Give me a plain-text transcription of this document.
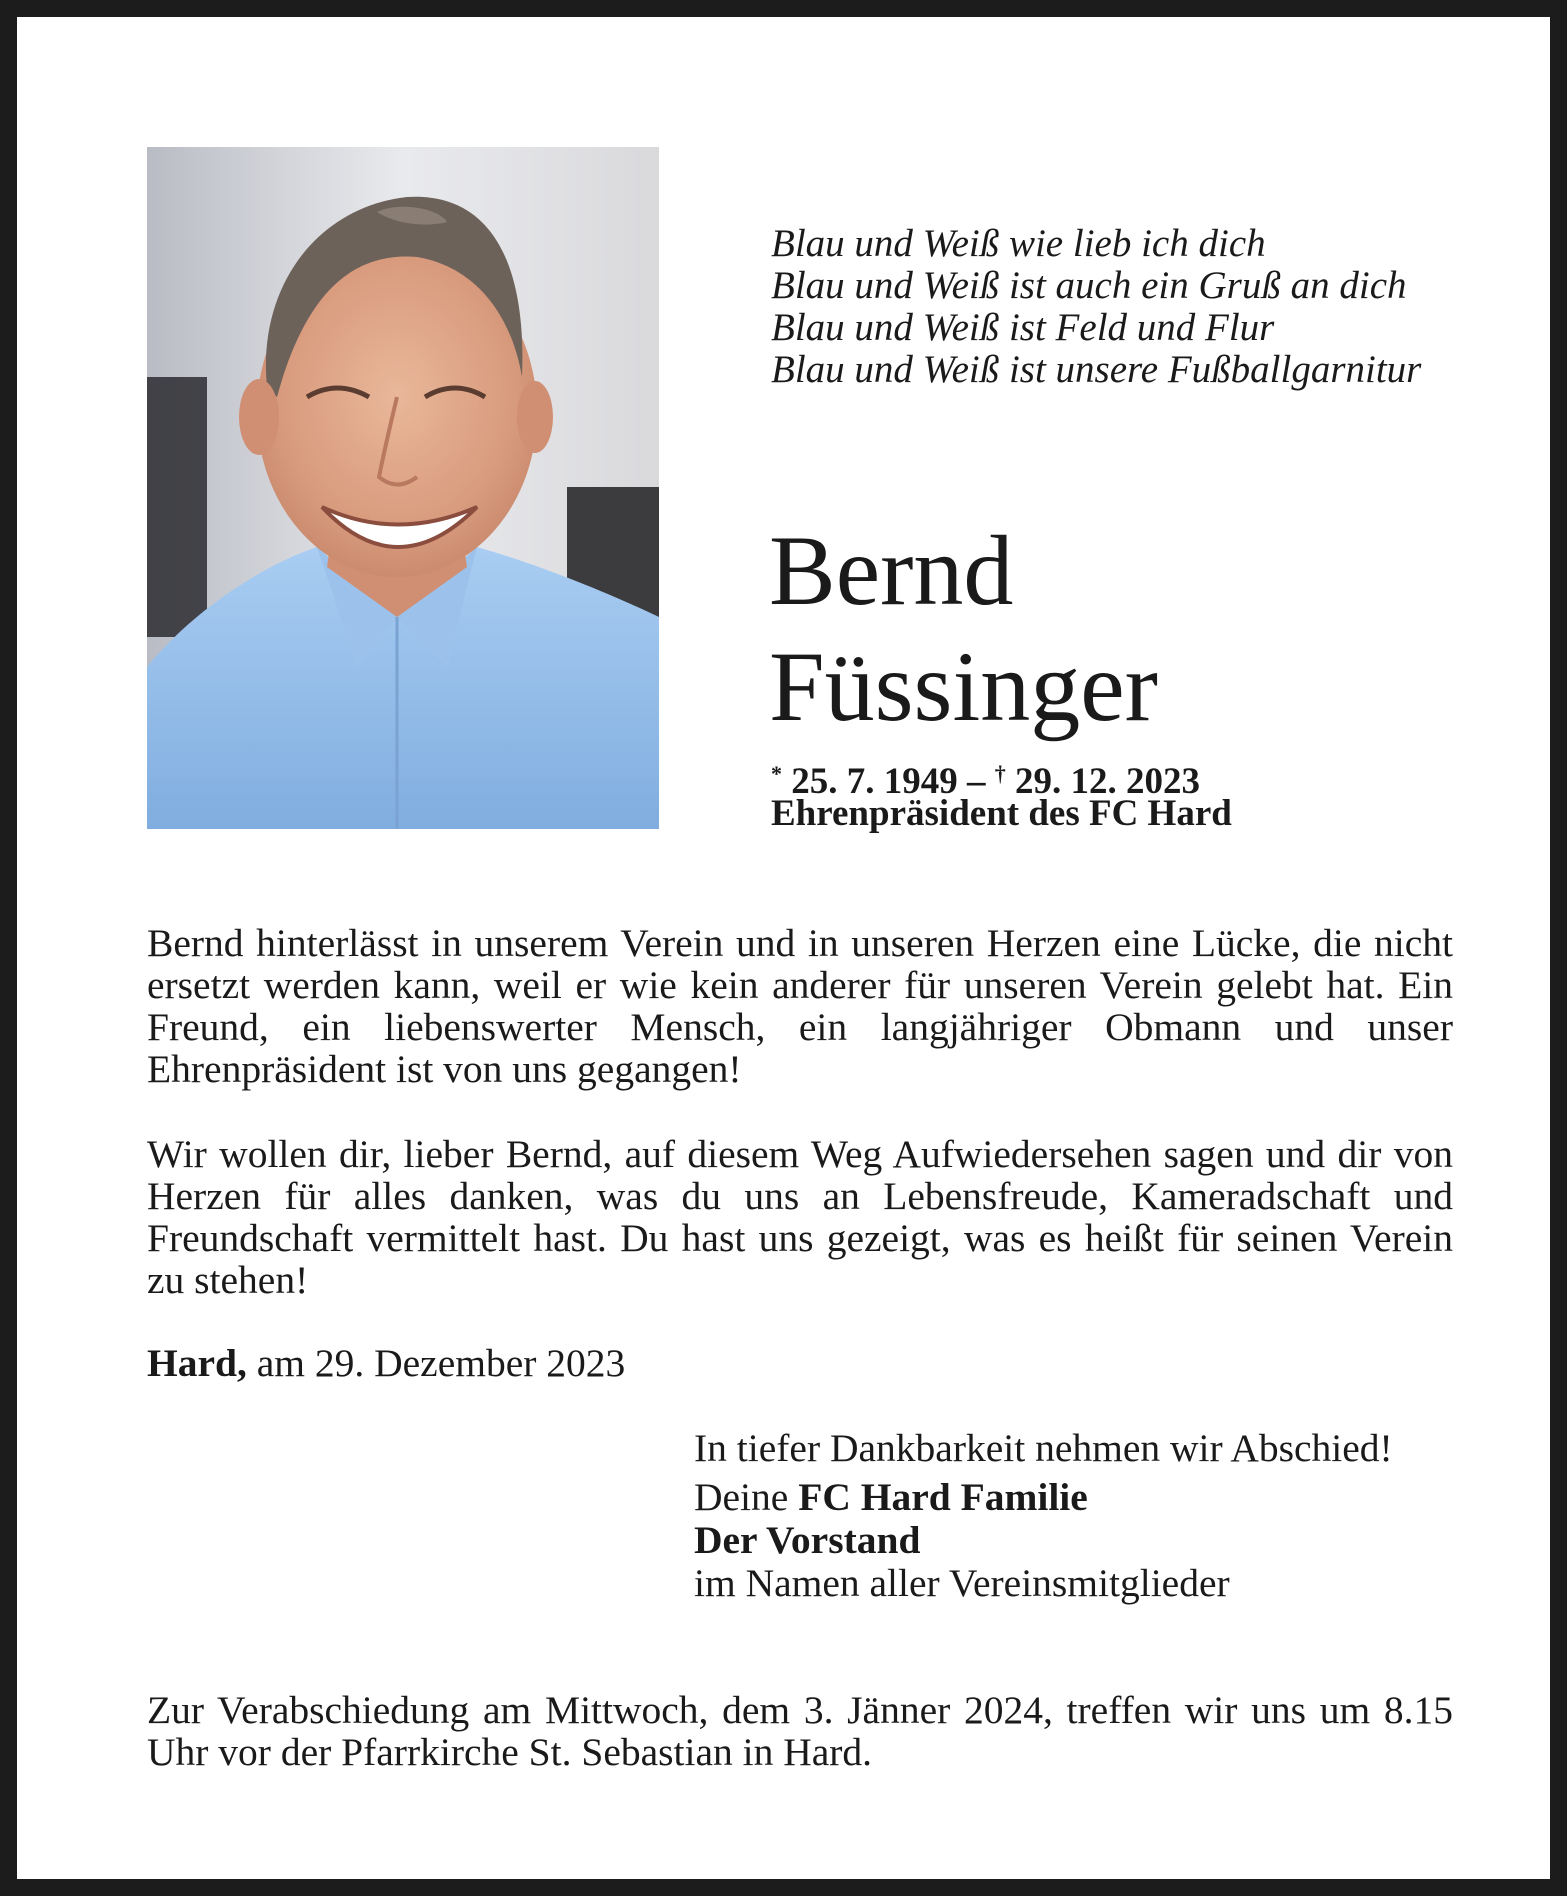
Blau und Weiß wie lieb ich dich
Blau und Weiß ist auch ein Gruß an dich
Blau und Weiß ist Feld und Flur
Blau und Weiß ist unsere Fußballgarnitur
Bernd
Füssinger
* 25. 7. 1949 – † 29. 12. 2023
Ehrenpräsident des FC Hard
Bernd hinterlässt in unserem Verein und in unseren Herzen eine Lücke, die nicht ersetzt werden kann, weil er wie kein anderer für unseren Verein gelebt hat. Ein Freund, ein liebenswerter Mensch, ein langjähriger Obmann und unser Ehrenpräsident ist von uns gegangen!
Wir wollen dir, lieber Bernd, auf diesem Weg Aufwiedersehen sagen und dir von Herzen für alles danken, was du uns an Lebensfreude, Kameradschaft und Freundschaft vermittelt hast. Du hast uns gezeigt, was es heißt für seinen Verein zu stehen!
Hard, am 29. Dezember 2023
In tiefer Dankbarkeit nehmen wir Abschied!
Deine FC Hard Familie
Der Vorstand
im Namen aller Vereinsmitglieder
Zur Verabschiedung am Mittwoch, dem 3. Jänner 2024, treffen wir uns um 8.15 Uhr vor der Pfarrkirche St. Sebastian in Hard.
